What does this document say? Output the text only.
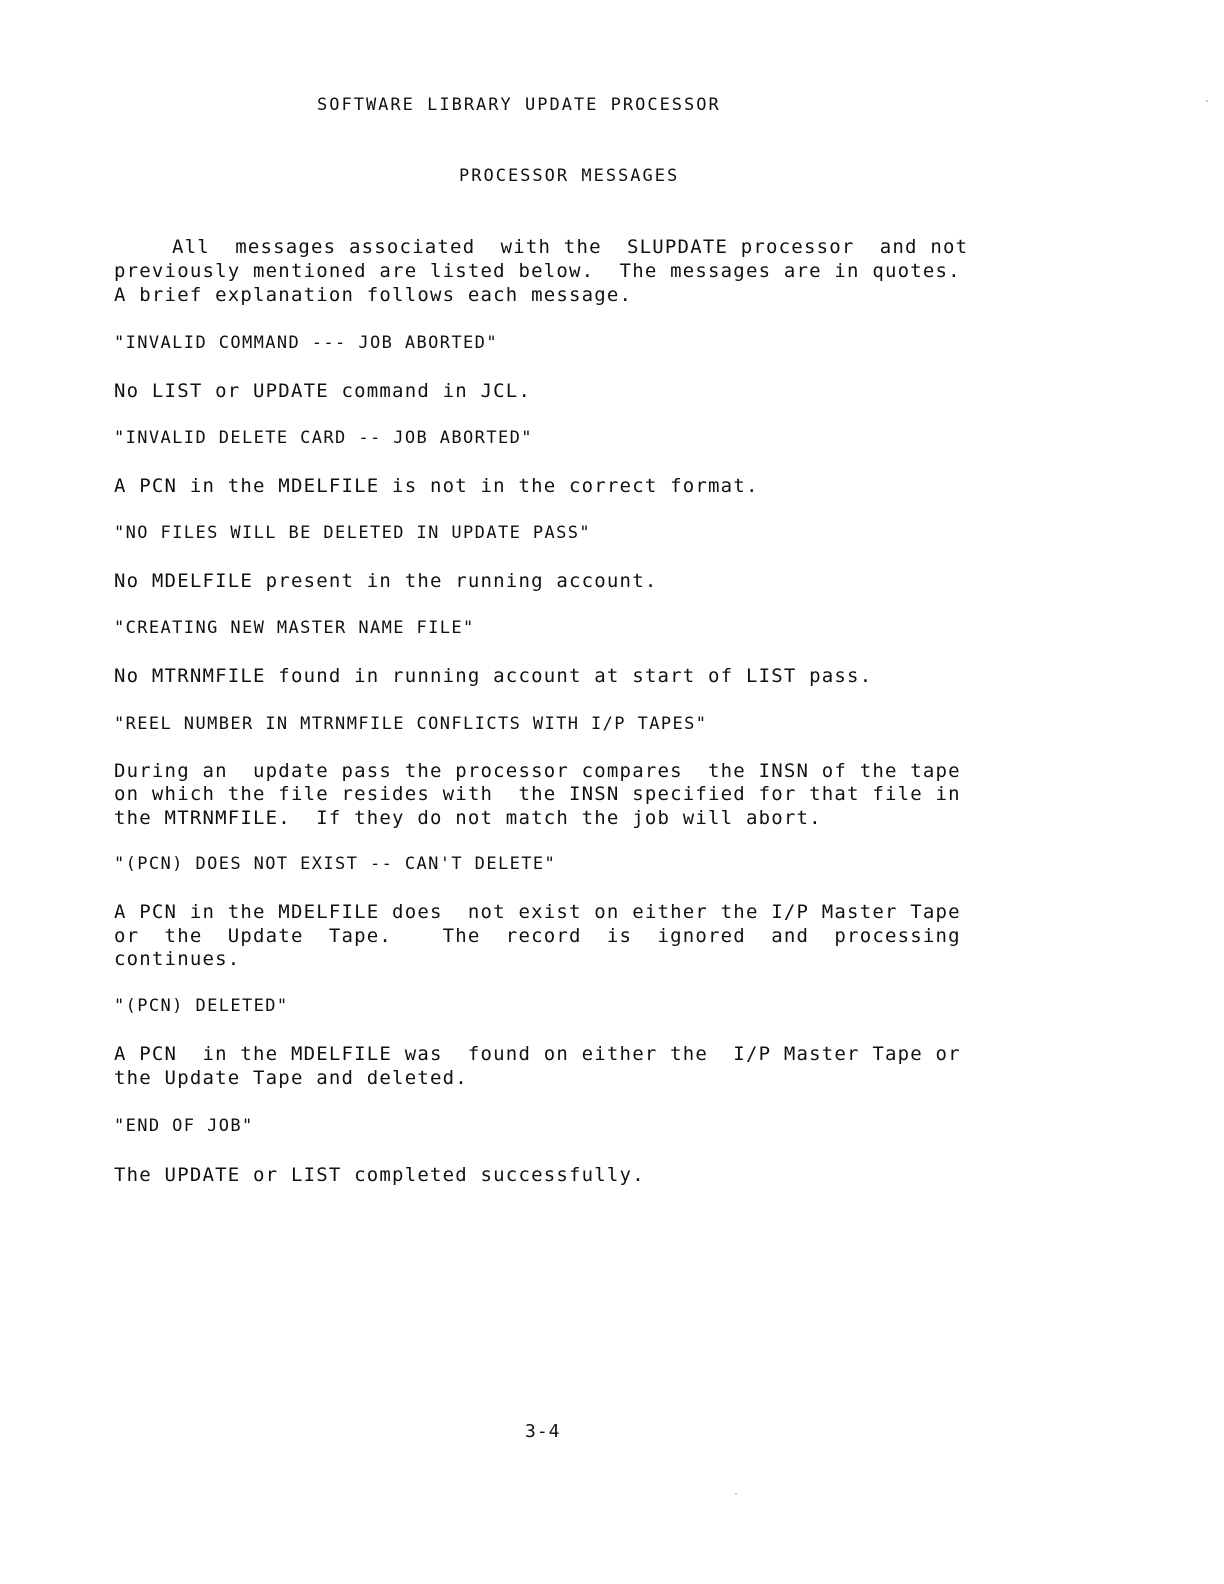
SOFTWARE LIBRARY UPDATE PROCESSOR
PROCESSOR MESSAGES
All  messages associated  with the  SLUPDATE processor  and not
previously mentioned are listed below.  The messages are in quotes.
A brief explanation follows each message.
"INVALID COMMAND --- JOB ABORTED"
No LIST or UPDATE command in JCL.
"INVALID DELETE CARD -- JOB ABORTED"
A PCN in the MDELFILE is not in the correct format.
"NO FILES WILL BE DELETED IN UPDATE PASS"
No MDELFILE present in the running account.
"CREATING NEW MASTER NAME FILE"
No MTRNMFILE found in running account at start of LIST pass.
"REEL NUMBER IN MTRNMFILE CONFLICTS WITH I/P TAPES"
During an  update pass the processor compares  the INSN of the tape
on which the file resides with  the INSN specified for that file in
the MTRNMFILE.  If they do not match the job will abort.
"(PCN) DOES NOT EXIST -- CAN'T DELETE"
A PCN in the MDELFILE does  not exist on either the I/P Master Tape
or  the  Update  Tape.    The  record  is  ignored  and  processing
continues.
"(PCN) DELETED"
A PCN  in the MDELFILE was  found on either the  I/P Master Tape or
the Update Tape and deleted.
"END OF JOB"
The UPDATE or LIST completed successfully.
3-4
